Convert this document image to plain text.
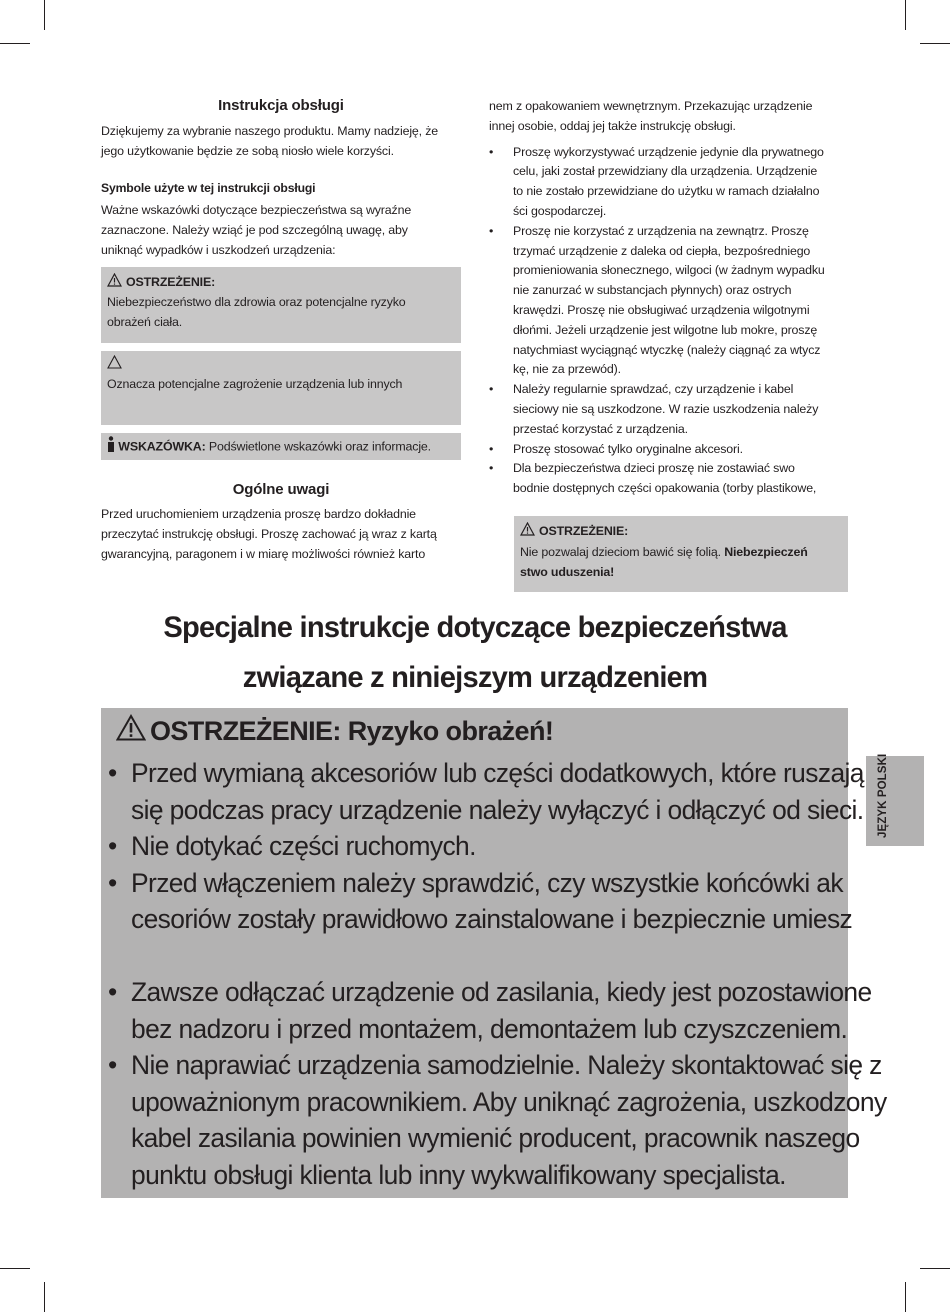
Instrukcja obsługi
Dziękujemy za wybranie naszego produktu. Mamy nadzieję, że
jego użytkowanie będzie ze sobą niosło wiele korzyści.
Symbole użyte w tej instrukcji obsługi
Ważne wskazówki dotyczące bezpieczeństwa są wyraźne
zaznaczone. Należy wziąć je pod szczególną uwagę, aby
uniknąć wypadków i uszkodzeń urządzenia:
OSTRZEŻENIE:
Niebezpieczeństwo dla zdrowia oraz potencjalne ryzyko
obrażeń ciała.
Oznacza potencjalne zagrożenie urządzenia lub innych
WSKAZÓWKA: Podświetlone wskazówki oraz informacje.
Ogólne uwagi
Przed uruchomieniem urządzenia proszę bardzo dokładnie
przeczytać instrukcję obsługi. Proszę zachować ją wraz z kartą
gwarancyjną, paragonem i w miarę możliwości również karto
nem z opakowaniem wewnętrznym. Przekazując urządzenie
innej osobie, oddaj jej także instrukcję obsługi.
• Proszę wykorzystywać urządzenie jedynie dla prywatnego
celu, jaki został przewidziany dla urządzenia. Urządzenie
to nie zostało przewidziane do użytku w ramach działalno
ści gospodarczej.
• Proszę nie korzystać z urządzenia na zewnątrz. Proszę
trzymać urządzenie z daleka od ciepła, bezpośredniego
promieniowania słonecznego, wilgoci (w żadnym wypadku
nie zanurzać w substancjach płynnych) oraz ostrych
krawędzi. Proszę nie obsługiwać urządzenia wilgotnymi
dłońmi. Jeżeli urządzenie jest wilgotne lub mokre, proszę
natychmiast wyciągnąć wtyczkę (należy ciągnąć za wtycz
kę, nie za przewód).
• Należy regularnie sprawdzać, czy urządzenie i kabel
sieciowy nie są uszkodzone. W razie uszkodzenia należy
przestać korzystać z urządzenia.
• Proszę stosować tylko oryginalne akcesori.
• Dla bezpieczeństwa dzieci proszę nie zostawiać swo
bodnie dostępnych części opakowania (torby plastikowe,
OSTRZEŻENIE:
Nie pozwalaj dzieciom bawić się folią. Niebezpieczeń
stwo uduszenia!
Specjalne instrukcje dotyczące bezpieczeństwa
związane z niniejszym urządzeniem
OSTRZEŻENIE: Ryzyko obrażeń!
• Przed wymianą akcesoriów lub części dodatkowych, które ruszają
się podczas pracy urządzenie należy wyłączyć i odłączyć od sieci.
• Nie dotykać części ruchomych.
• Przed włączeniem należy sprawdzić, czy wszystkie końcówki ak
cesoriów zostały prawidłowo zainstalowane i bezpiecznie umiesz
• Zawsze odłączać urządzenie od zasilania, kiedy jest pozostawione
bez nadzoru i przed montażem, demontażem lub czyszczeniem.
• Nie naprawiać urządzenia samodzielnie. Należy skontaktować się z
upoważnionym pracownikiem. Aby uniknąć zagrożenia, uszkodzony
kabel zasilania powinien wymienić producent, pracownik naszego
punktu obsługi klienta lub inny wykwalifikowany specjalista.
JĘZYK POLSKI
